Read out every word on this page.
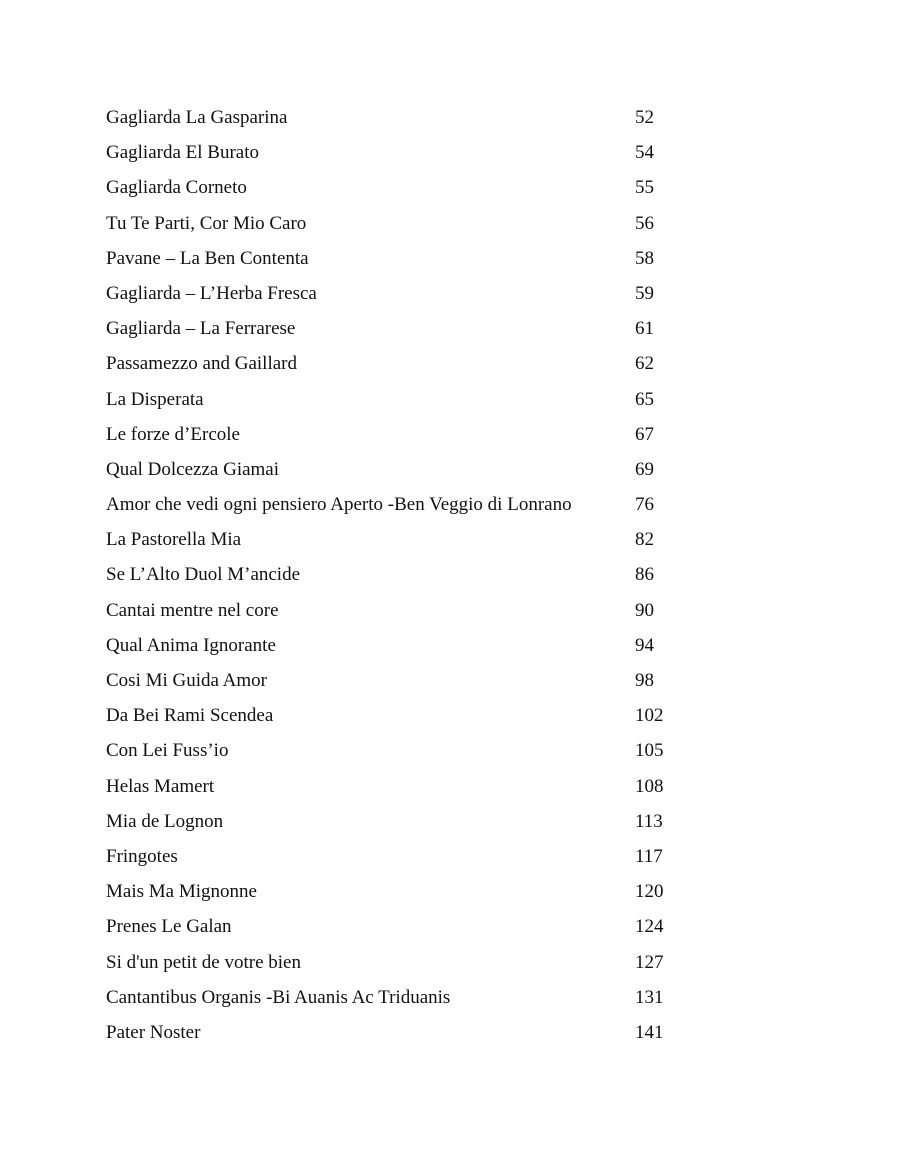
Gagliarda La Gasparina	52
Gagliarda El Burato	54
Gagliarda Corneto	55
Tu Te Parti, Cor Mio Caro	56
Pavane – La Ben Contenta	58
Gagliarda – L’Herba Fresca	59
Gagliarda – La Ferrarese	61
Passamezzo and Gaillard	62
La Disperata	65
Le forze d’Ercole	67
Qual Dolcezza Giamai	69
Amor che vedi ogni pensiero Aperto -Ben Veggio di Lonrano	76
La Pastorella Mia	82
Se L’Alto Duol M’ancide	86
Cantai mentre nel core	90
Qual Anima Ignorante	94
Cosi Mi Guida Amor	98
Da Bei Rami Scendea	102
Con Lei Fuss’io	105
Helas Mamert	108
Mia de Lognon	113
Fringotes	117
Mais Ma Mignonne	120
Prenes Le Galan	124
Si d'un petit de votre bien	127
Cantantibus Organis -Bi Auanis Ac Triduanis	131
Pater Noster	141
